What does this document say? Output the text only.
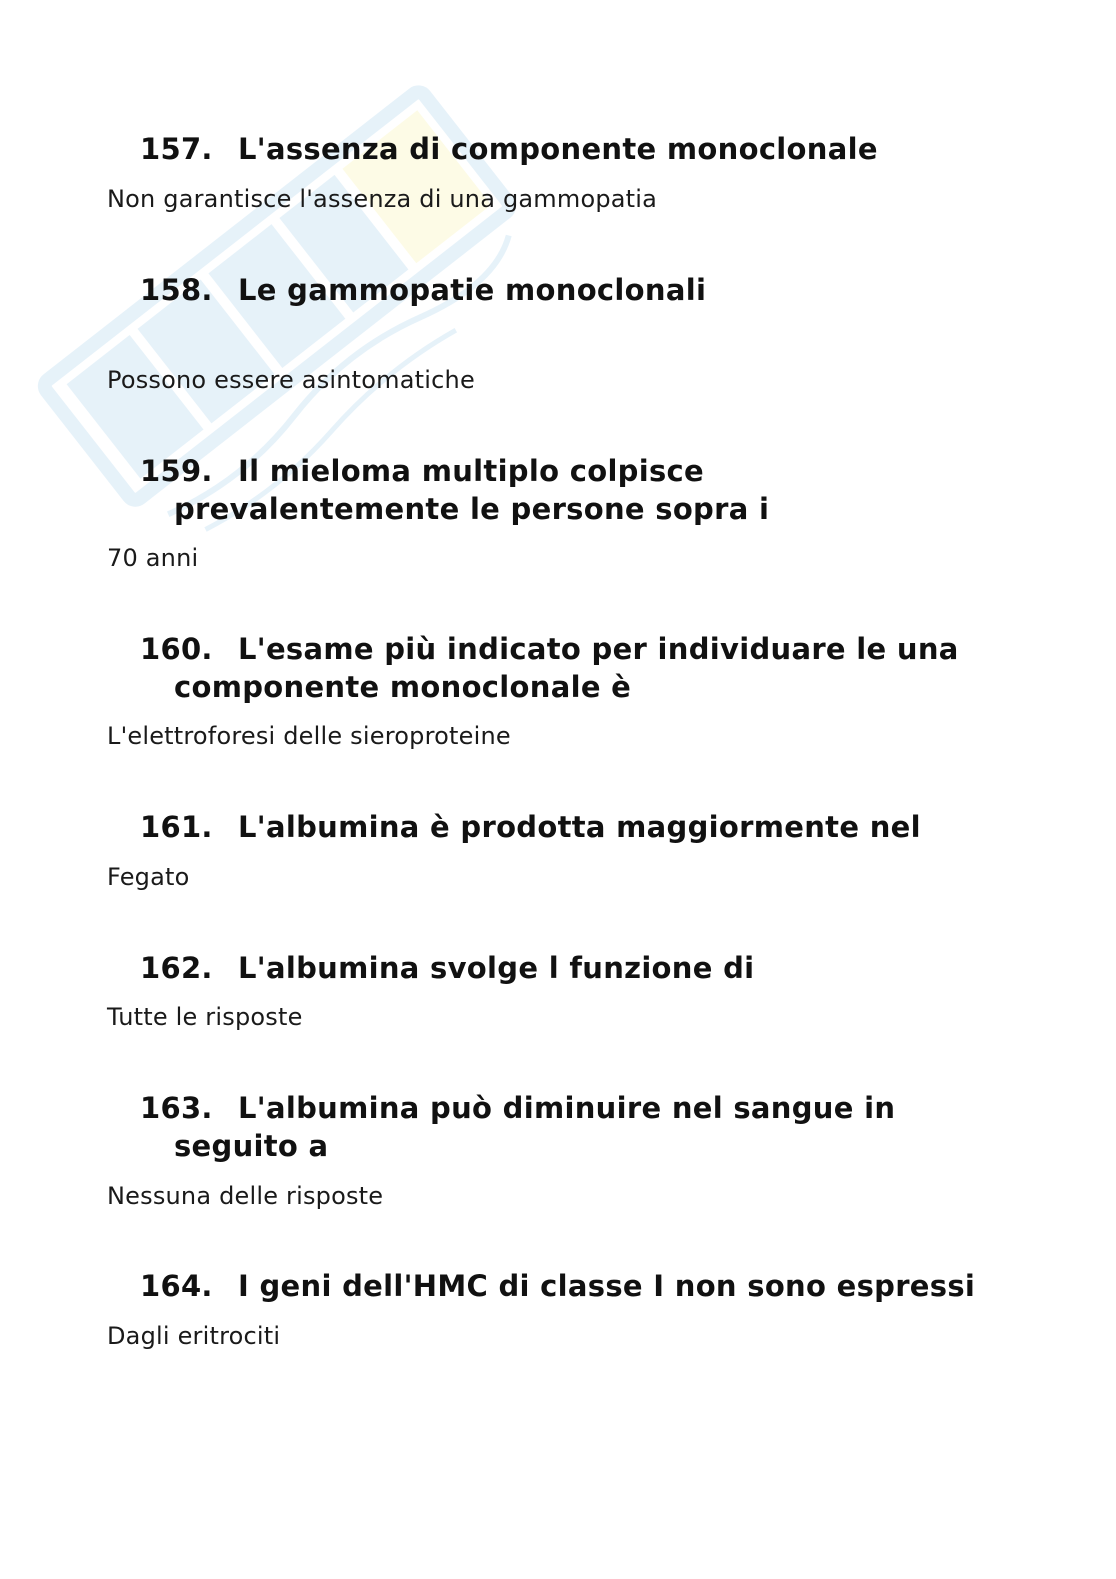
157. L'assenza di componente monoclonale

Non garantisce l'assenza di una gammopatia

158. Le gammopatie monoclonali

Possono essere asintomatiche

159. Il mieloma multiplo colpisce
prevalentemente le persone sopra i

70 anni

160. L'esame più indicato per individuare le una
componente monoclonale è

L'elettroforesi delle sieroproteine

161. L'albumina è prodotta maggiormente nel

Fegato

162. L'albumina svolge l funzione di

Tutte le risposte

163. L'albumina può diminuire nel sangue in
seguito a

Nessuna delle risposte

164. I geni dell'HMC di classe I non sono espressi

Dagli eritrociti
